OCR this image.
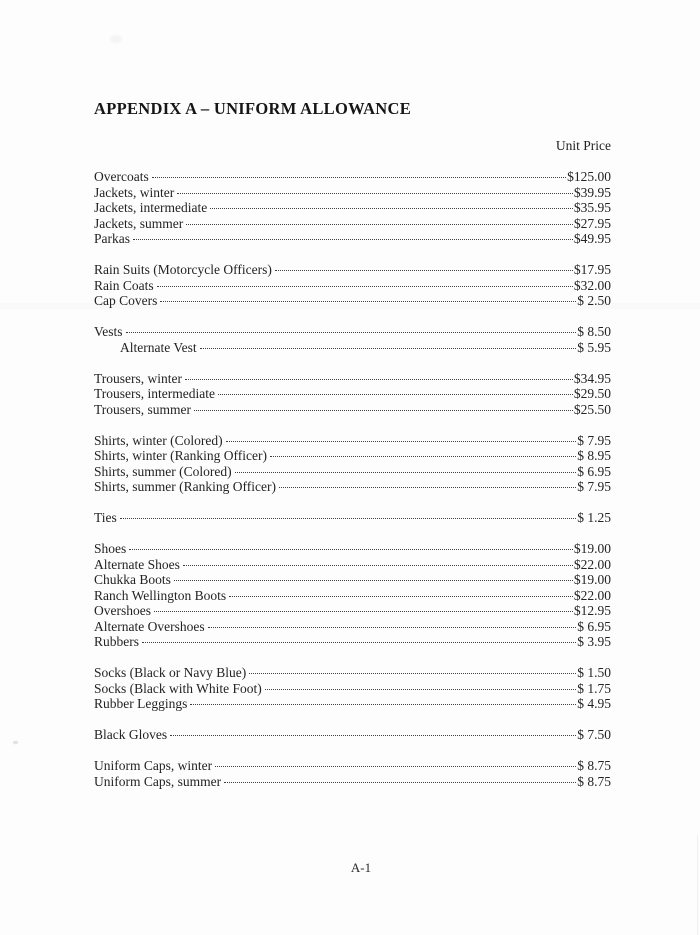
APPENDIX A – UNIFORM ALLOWANCE
Unit Price
Overcoats	$125.00
Jackets, winter	$39.95
Jackets, intermediate	$35.95
Jackets, summer	$27.95
Parkas	$49.95
Rain Suits (Motorcycle Officers)	$17.95
Rain Coats	$32.00
Cap Covers	$ 2.50
Vests	$ 8.50
Alternate Vest	$ 5.95
Trousers, winter	$34.95
Trousers, intermediate	$29.50
Trousers, summer	$25.50
Shirts, winter (Colored)	$ 7.95
Shirts, winter (Ranking Officer)	$ 8.95
Shirts, summer (Colored)	$ 6.95
Shirts, summer (Ranking Officer)	$ 7.95
Ties	$ 1.25
Shoes	$19.00
Alternate Shoes	$22.00
Chukka Boots	$19.00
Ranch Wellington Boots	$22.00
Overshoes	$12.95
Alternate Overshoes	$ 6.95
Rubbers	$ 3.95
Socks (Black or Navy Blue)	$ 1.50
Socks (Black with White Foot)	$ 1.75
Rubber Leggings	$ 4.95
Black Gloves	$ 7.50
Uniform Caps, winter	$ 8.75
Uniform Caps, summer	$ 8.75
A-1
